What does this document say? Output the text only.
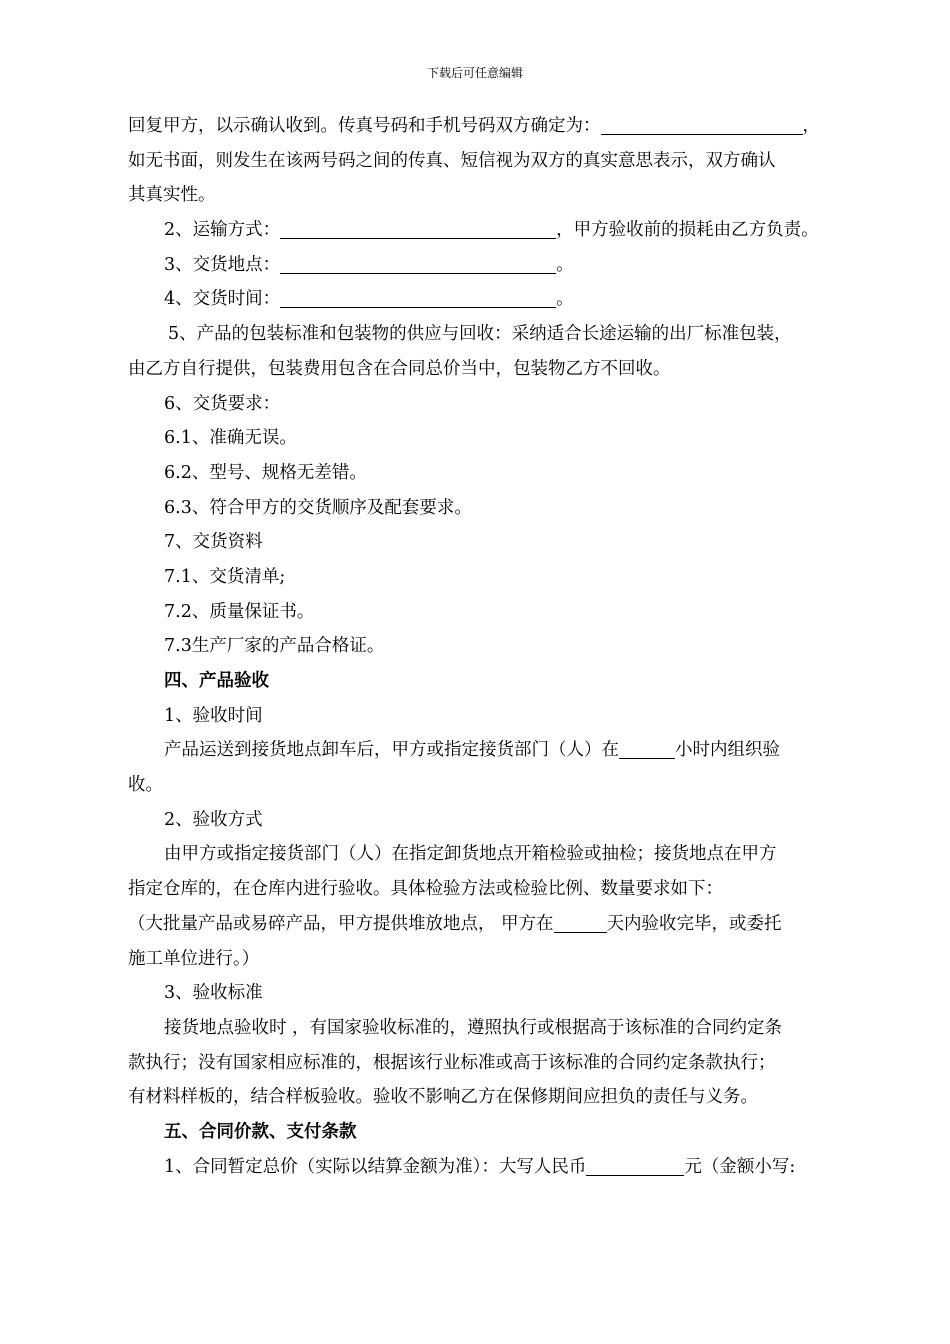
下载后可任意编辑
回复甲方，以示确认收到。传真号码和手机号码双方确定为：	，
如无书面，则发生在该两号码之间的传真、短信视为双方的真实意思表示，双方确认
其真实性。
2、运输方式：	，甲方验收前的损耗由乙方负责。
3、交货地点：	。
4、交货时间：	。
5、产品的包装标准和包装物的供应与回收：采纳适合长途运输的出厂标准包装，
由乙方自行提供，包装费用包含在合同总价当中，包装物乙方不回收。
6、交货要求：
6.1、准确无误。
6.2、型号、规格无差错。
6.3、符合甲方的交货顺序及配套要求。
7、交货资料
7.1、交货清单;
7.2、质量保证书。
7.3生产厂家的产品合格证。
四、产品验收
1、验收时间
产品运送到接货地点卸车后，甲方或指定接货部门（人）在	小时内组织验
收。
2、验收方式
由甲方或指定接货部门（人）在指定卸货地点开箱检验或抽检；接货地点在甲方
指定仓库的，在仓库内进行验收。具体检验方法或检验比例、数量要求如下：
（大批量产品或易碎产品，甲方提供堆放地点， 甲方在	天内验收完毕，或委托
施工单位进行。）
3、验收标准
接货地点验收时 ，有国家验收标准的，遵照执行或根据高于该标准的合同约定条
款执行；没有国家相应标准的，根据该行业标准或高于该标准的合同约定条款执行；
有材料样板的，结合样板验收。验收不影响乙方在保修期间应担负的责任与义务。
五、合同价款、支付条款
1、合同暂定总价（实际以结算金额为准）：大写人民币	元（金额小写:
